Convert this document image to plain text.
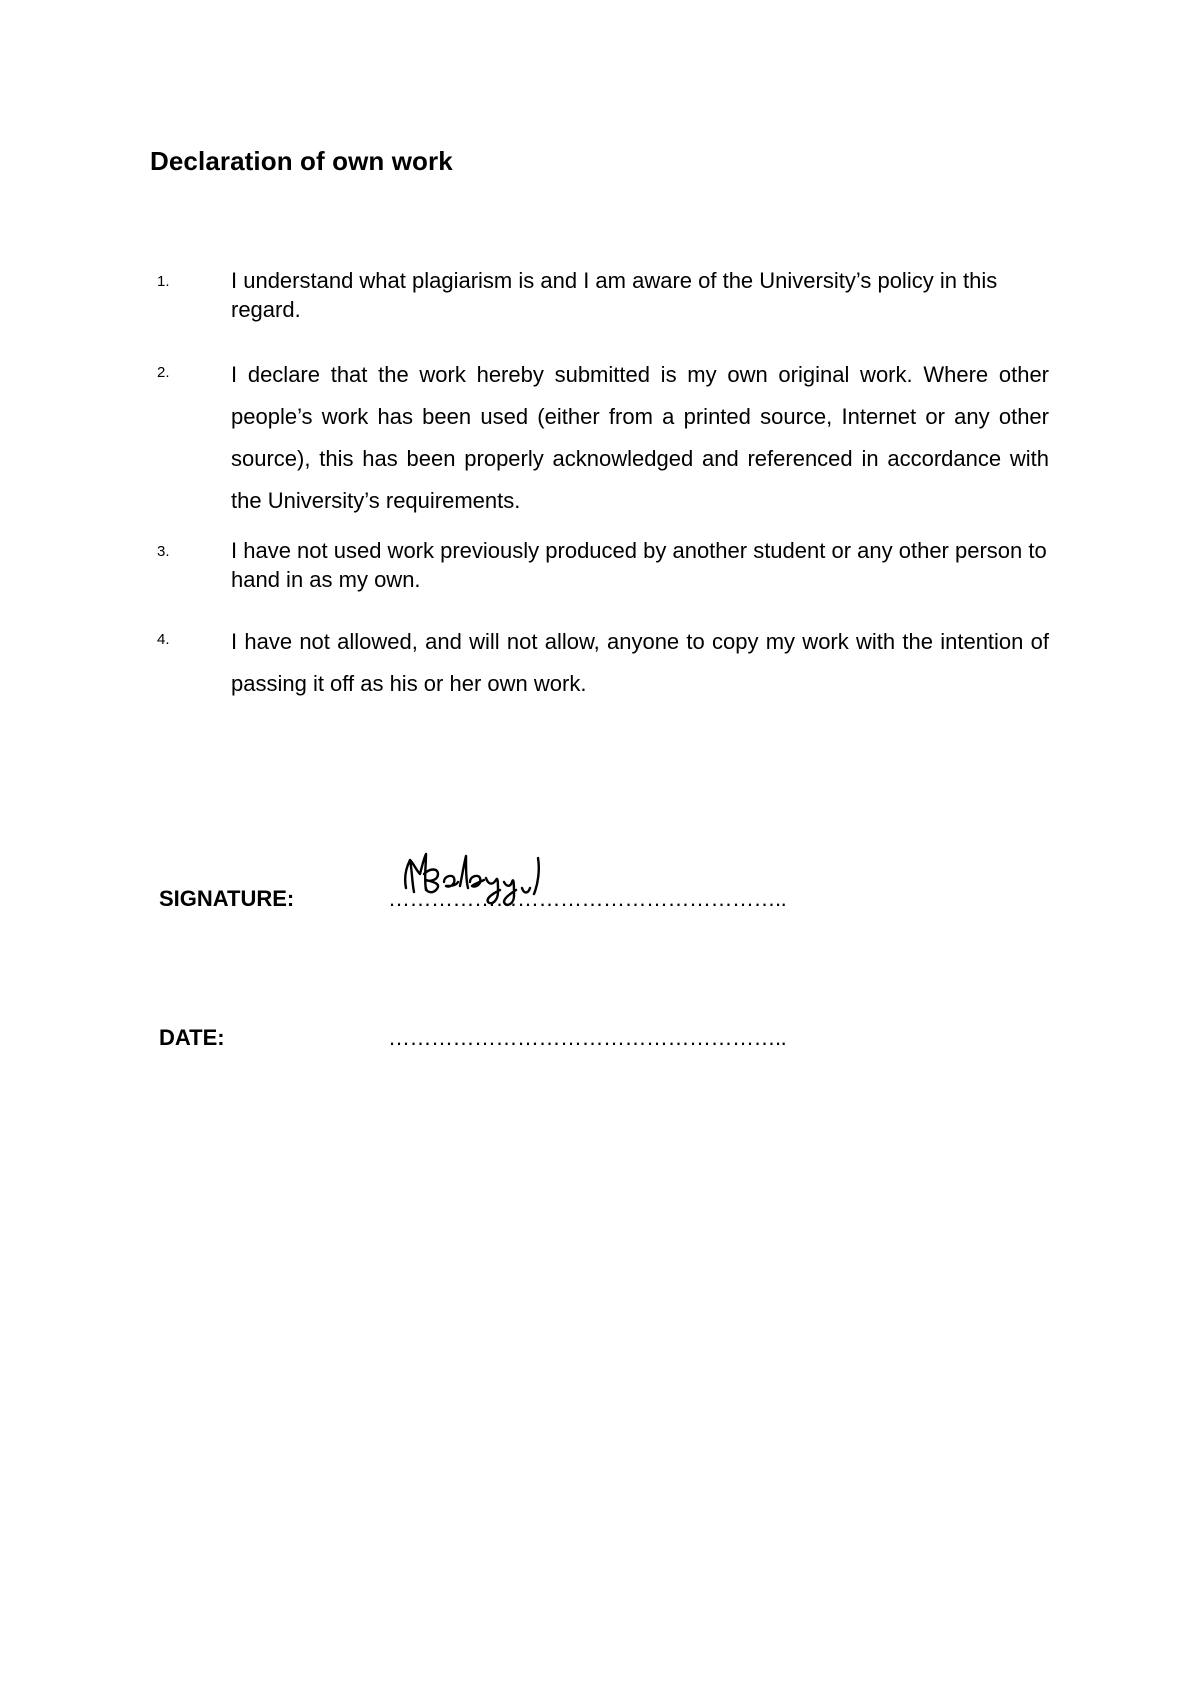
Declaration of own work
1.	I understand what plagiarism is and I am aware of the University’s policy in this regard.
2.	I declare that the work hereby submitted is my own original work. Where other people’s work has been used (either from a printed source, Internet or any other source), this has been properly acknowledged and referenced in accordance with the University’s requirements.
3.	I have not used work previously produced by another student or any other person to hand in as my own.
4.	I have not allowed, and will not allow, anyone to copy my work with the intention of passing it off as his or her own work.
SIGNATURE:	………………………………………………..
DATE:	………………………………………………..
